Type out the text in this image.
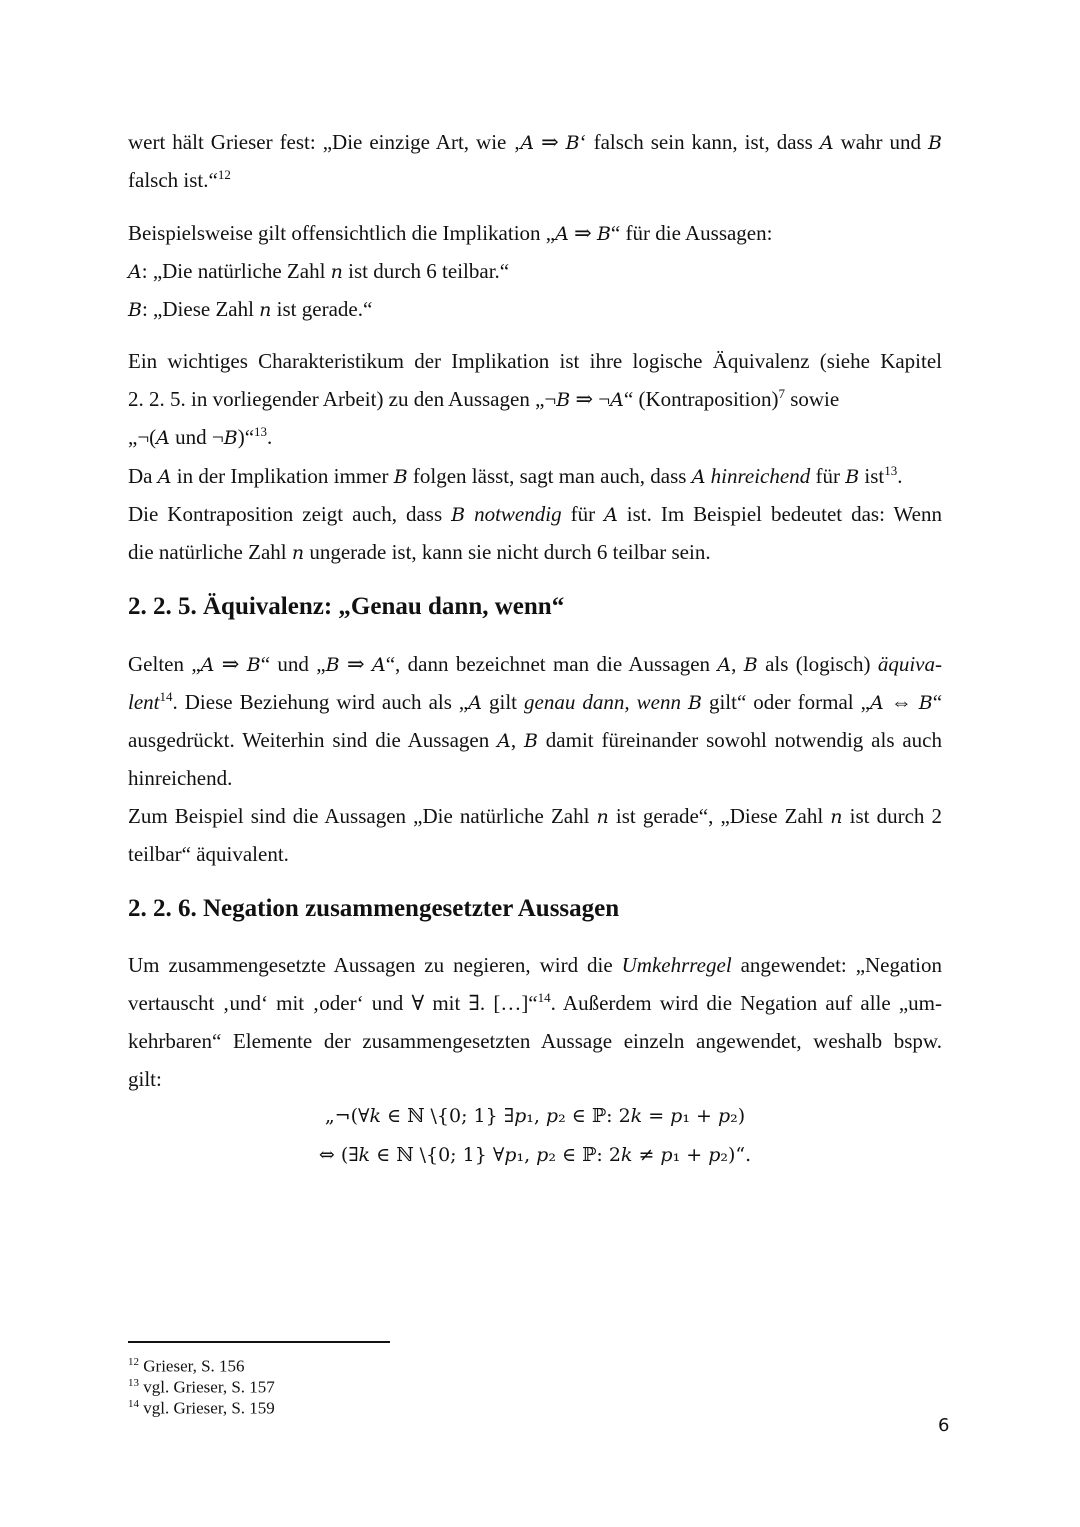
wert hält Grieser fest: „Die einzige Art, wie ‚A ⇒ B‘ falsch sein kann, ist, dass A wahr und B
falsch ist.“$^{12}$
Beispielsweise gilt offensichtlich die Implikation „A ⇒ B“ für die Aussagen:
A: „Die natürliche Zahl n ist durch 6 teilbar.“
B: „Diese Zahl n ist gerade.“
Ein wichtiges Charakteristikum der Implikation ist ihre logische Äquivalenz (siehe Kapitel
2. 2. 5. in vorliegender Arbeit) zu den Aussagen „¬B ⇒ ¬A“ (Kontraposition)$^7$ sowie
„¬(A und ¬B)“$^{13}$.
Da A in der Implikation immer B folgen lässt, sagt man auch, dass A hinreichend für B ist$^{13}$.
Die Kontraposition zeigt auch, dass B notwendig für A ist. Im Beispiel bedeutet das: Wenn
die natürliche Zahl n ungerade ist, kann sie nicht durch 6 teilbar sein.
Gelten „A ⇒ B“ und „B ⇒ A“, dann bezeichnet man die Aussagen A, B als (logisch) äquiva-
lent$^{14}$. Diese Beziehung wird auch als „A gilt genau dann, wenn B gilt“ oder formal „A ⇔ B“
ausgedrückt. Weiterhin sind die Aussagen A, B damit füreinander sowohl notwendig als auch
hinreichend.
Zum Beispiel sind die Aussagen „Die natürliche Zahl n ist gerade“, „Diese Zahl n ist durch 2
teilbar“ äquivalent.
Um zusammengesetzte Aussagen zu negieren, wird die Umkehrregel angewendet: „Negation
vertauscht ‚und‘ mit ‚oder‘ und ∀ mit ∃. […]“$^{14}$. Außerdem wird die Negation auf alle „um-
kehrbaren“ Elemente der zusammengesetzten Aussage einzeln angewendet, weshalb bspw.
gilt:
2. 2. 5. Äquivalenz: „Genau dann, wenn“
2. 2. 6. Negation zusammengesetzter Aussagen
„¬(∀𝑘 ∈ ℕ \{0; 1} ∃𝑝₁, 𝑝₂ ∈ ℙ: 2𝑘 = 𝑝₁ + 𝑝₂)
⇔ (∃𝑘 ∈ ℕ \{0; 1} ∀𝑝₁, 𝑝₂ ∈ ℙ: 2𝑘 ≠ 𝑝₁ + 𝑝₂)“.
$^{12}$ Grieser, S. 156
$^{13}$ vgl. Grieser, S. 157
$^{14}$ vgl. Grieser, S. 159
6
